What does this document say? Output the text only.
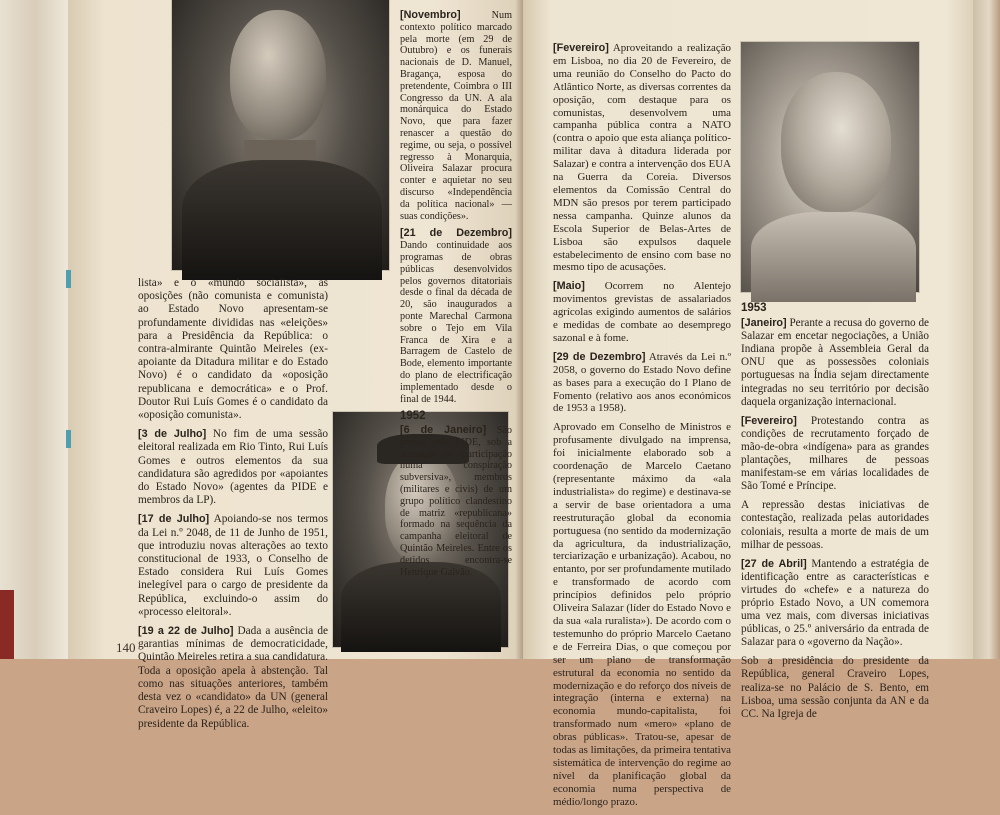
lista» e o «mundo socialista», as oposições (não comunista e comunista) ao Estado Novo apresentam-se profundamente divididas nas «eleições» para a Presidência da República: o contra-almirante Quintão Meireles (ex-apoiante da Ditadura militar e do Estado Novo) é o candidato da «oposição republicana e democrática» e o Prof. Doutor Rui Luís Gomes é o candidato da «oposição comunista».

[3 de Julho] No fim de uma sessão eleitoral realizada em Rio Tinto, Rui Luís Gomes e outros elementos da sua candidatura são agredidos por «apoiantes do Estado Novo» (agentes da PIDE e membros da LP).

[17 de Julho] Apoiando-se nos termos da Lei n.º 2048, de 11 de Junho de 1951, que introduziu novas alterações ao texto constitucional de 1933, o Conselho de Estado considera Rui Luís Gomes inelegível para o cargo de presidente da República, excluindo-o assim do «processo eleitoral».

[19 a 22 de Julho] Dada a ausência de garantias mínimas de democraticidade, Quintão Meireles retira a sua candidatura. Toda a oposição apela à abstenção. Tal como nas situações anteriores, também desta vez o «candidato» da UN (general Craveiro Lopes) é, a 22 de Julho, «eleito» presidente da República.

[Novembro]	Num contexto político marcado pela morte (em 29 de Outubro) e os funerais nacionais de D. Manuel, Bragança, esposa do pretendente, Coimbra o III Congresso da UN. A ala monárquica do Estado Novo, que para fazer renascer a questão do regime, ou seja, o possível regresso à Monarquia, Oliveira Salazar procura conter e aquietar no seu discurso «Independência da política nacional» — suas condições».

[21 de Dezembro] Dando continuidade aos programas de obras públicas desenvolvidos pelos governos ditatoriais desde o final da década de 20, são inaugurados a ponte Marechal Carmona sobre o Tejo em Vila Franca de Xira e a Barragem de Castelo de Bode, elemento importante do plano de electrificação implementado desde o final de 1944.

1952

[6 de Janeiro] São presos pela PIDE, sob a acusação de «participação numa conspiração subversiva», membros (militares e civis) de um grupo político clandestino de matriz «republicana» formado na sequência da campanha eleitoral de Quintão Meireles. Entre os detidos encontra-se Henrique Galvão.

140

[Fevereiro] Aproveitando a realização em Lisboa, no dia 20 de Fevereiro, de uma reunião do Conselho do Pacto do Atlântico Norte, as diversas correntes da oposição, com destaque para os comunistas, desenvolvem uma campanha pública contra a NATO (contra o apoio que esta aliança político-militar dava à ditadura liderada por Salazar) e contra a intervenção dos EUA na Guerra da Coreia. Diversos elementos da Comissão Central do MDN são presos por terem participado nessa campanha. Quinze alunos da Escola Superior de Belas-Artes de Lisboa são expulsos daquele estabelecimento de ensino com base no mesmo tipo de acusações.

[Maio] Ocorrem no Alentejo movimentos grevistas de assalariados agrícolas exigindo aumentos de salários e medidas de combate ao desemprego sazonal e à fome.

[29 de Dezembro] Através da Lei n.º 2058, o governo do Estado Novo define as bases para a execução do I Plano de Fomento (relativo aos anos económicos de 1953 a 1958).

Aprovado em Conselho de Ministros e profusamente divulgado na imprensa, foi inicialmente elaborado sob a coordenação de Marcelo Caetano (representante máximo da «ala industrialista» do regime) e destinava-se a servir de base orientadora a uma reestruturação global da economia portuguesa (no sentido da modernização da agricultura, da industrialização, terciarização e urbanização). Acabou, no entanto, por ser profundamente mutilado e transformado de acordo com princípios definidos pelo próprio Oliveira Salazar (líder do Estado Novo e da sua «ala ruralista»). De acordo com o testemunho do próprio Marcelo Caetano e de Ferreira Dias, o que começou por ser um plano de transformação estrutural da economia no sentido da modernização e do reforço dos níveis de integração (interna e externa) na economia mundo-capitalista, foi transformado num «mero» «plano de obras públicas». Tratou-se, apesar de todas as limitações, da primeira tentativa sistemática de intervenção do regime ao nível da planificação global da economia numa perspectiva de médio/longo prazo.

1953

[Janeiro] Perante a recusa do governo de Salazar em encetar negociações, a União Indiana propõe à Assembleia Geral da ONU que as possessões coloniais portuguesas na Índia sejam directamente integradas no seu território por decisão daquela organização internacional.

[Fevereiro] Protestando contra as condições de recrutamento forçado de mão-de-obra «indígena» para as grandes plantações, milhares de pessoas manifestam-se em várias localidades de São Tomé e Príncipe.

A repressão destas iniciativas de contestação, realizada pelas autoridades coloniais, resulta a morte de mais de um milhar de pessoas.

[27 de Abril] Mantendo a estratégia de identificação entre as características e virtudes do «chefe» e a natureza do próprio Estado Novo, a UN comemora uma vez mais, com diversas iniciativas públicas, o 25.º aniversário da entrada de Salazar para o «governo da Nação».

Sob a presidência do presidente da República, general Craveiro Lopes, realiza-se no Palácio de S. Bento, em Lisboa, uma sessão conjunta da AN e da CC. Na Igreja de
